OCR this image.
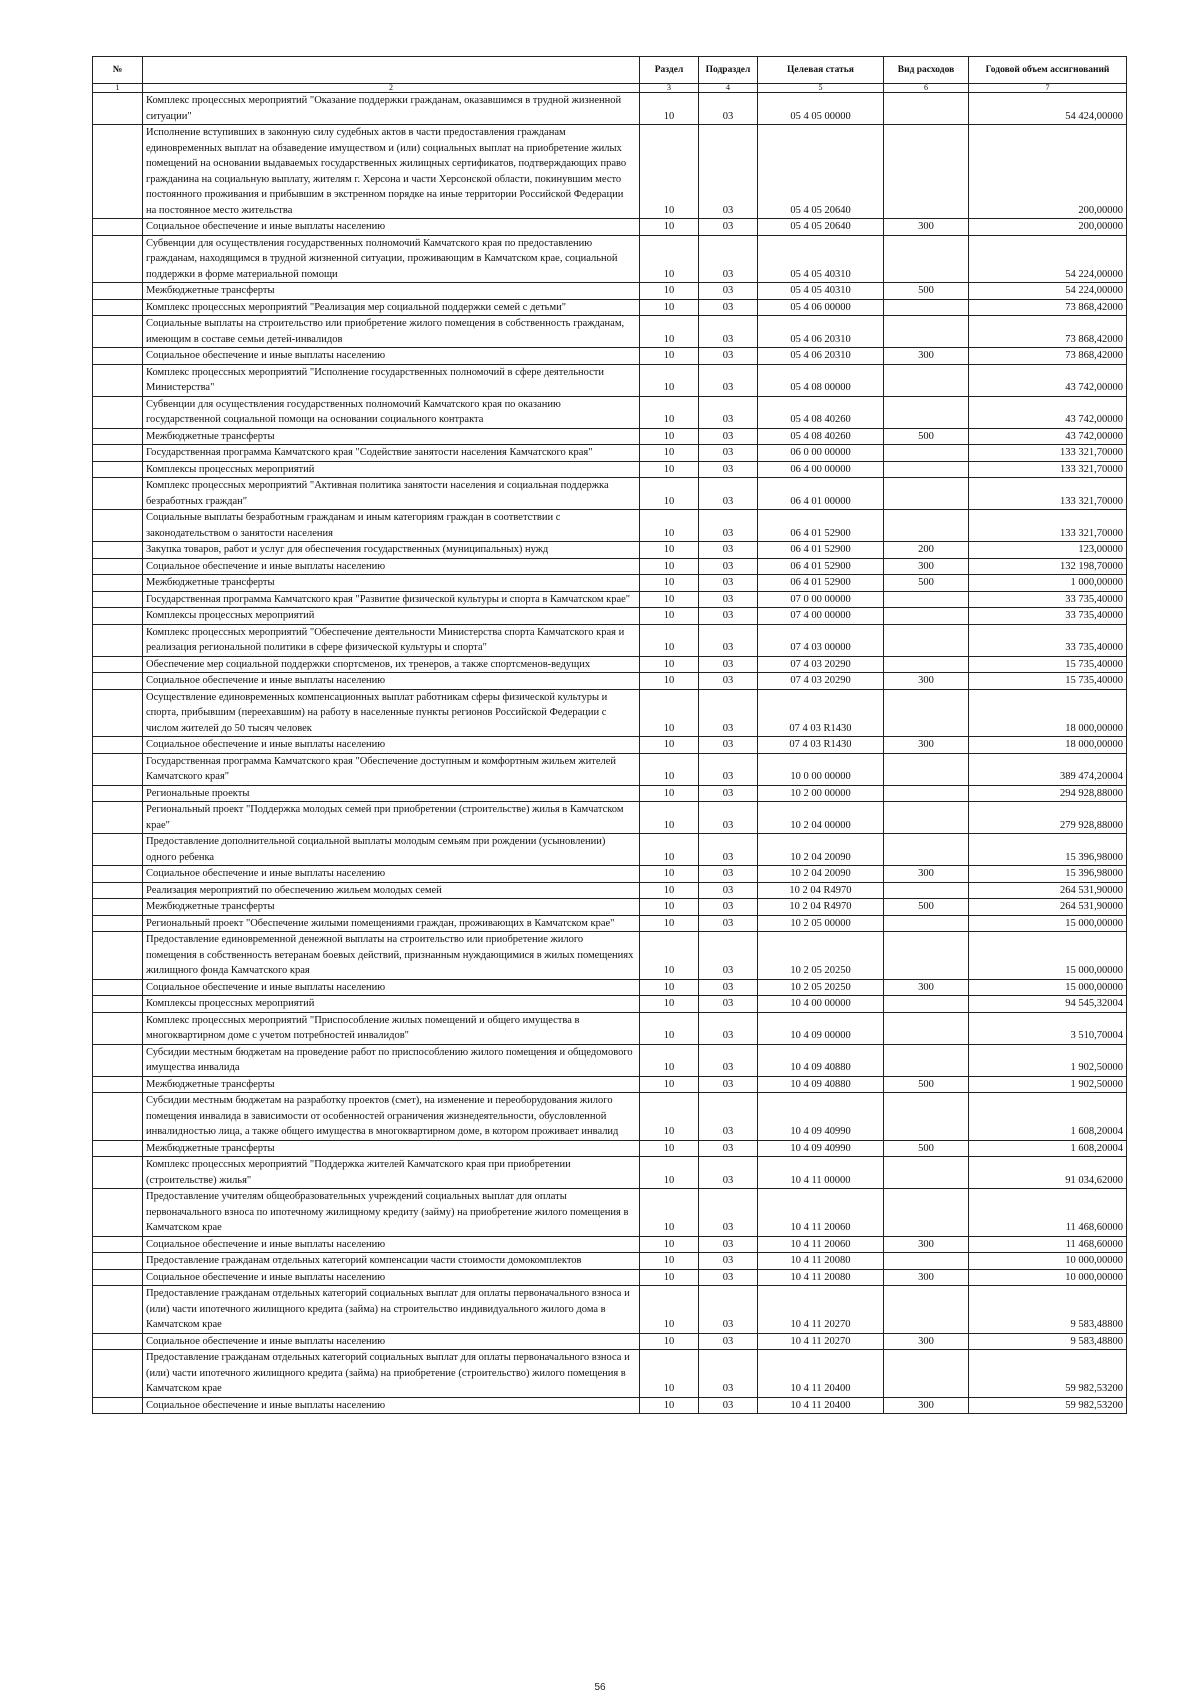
№		Раздел	Подраздел	Целевая статья	Вид расходов	Годовой объем ассигнований
1	2	3	4	5	6	7
	Комплекс процессных мероприятий "Оказание поддержки гражданам, оказавшимся в трудной жизненной ситуации"	10	03	05 4 05 00000		54 424,00000
	Исполнение вступивших в законную силу судебных актов в части предоставления гражданам единовременных выплат на обзаведение имуществом и (или) социальных выплат на приобретение жилых помещений на основании выдаваемых государственных жилищных сертификатов, подтверждающих право гражданина на социальную выплату, жителям г. Херсона и части Херсонской области, покинувшим место постоянного проживания и прибывшим в экстренном порядке на иные территории Российской Федерации на постоянное место жительства	10	03	05 4 05 20640		200,00000
	Социальное обеспечение и иные выплаты населению	10	03	05 4 05 20640	300	200,00000
	Субвенции для осуществления государственных полномочий Камчатского края по предоставлению гражданам, находящимся в трудной жизненной ситуации, проживающим в Камчатском крае, социальной поддержки в форме материальной помощи	10	03	05 4 05 40310		54 224,00000
	Межбюджетные трансферты	10	03	05 4 05 40310	500	54 224,00000
	Комплекс процессных мероприятий "Реализация мер социальной поддержки семей с детьми"	10	03	05 4 06 00000		73 868,42000
	Социальные выплаты на строительство или приобретение жилого помещения в собственность гражданам, имеющим в составе семьи детей-инвалидов	10	03	05 4 06 20310		73 868,42000
	Социальное обеспечение и иные выплаты населению	10	03	05 4 06 20310	300	73 868,42000
	Комплекс процессных мероприятий "Исполнение государственных полномочий в сфере деятельности Министерства"	10	03	05 4 08 00000		43 742,00000
	Субвенции для осуществления государственных полномочий Камчатского края по оказанию государственной социальной помощи на основании социального контракта	10	03	05 4 08 40260		43 742,00000
	Межбюджетные трансферты	10	03	05 4 08 40260	500	43 742,00000
	Государственная программа Камчатского края "Содействие занятости населения Камчатского края"	10	03	06 0 00 00000		133 321,70000
	Комплексы процессных мероприятий	10	03	06 4 00 00000		133 321,70000
	Комплекс процессных мероприятий "Активная политика занятости населения и социальная поддержка безработных граждан"	10	03	06 4 01 00000		133 321,70000
	Социальные выплаты безработным гражданам и иным категориям граждан в соответствии с законодательством о занятости населения	10	03	06 4 01 52900		133 321,70000
	Закупка товаров, работ и услуг для обеспечения государственных (муниципальных) нужд	10	03	06 4 01 52900	200	123,00000
	Социальное обеспечение и иные выплаты населению	10	03	06 4 01 52900	300	132 198,70000
	Межбюджетные трансферты	10	03	06 4 01 52900	500	1 000,00000
	Государственная программа Камчатского края "Развитие физической культуры и спорта в Камчатском крае"	10	03	07 0 00 00000		33 735,40000
	Комплексы процессных мероприятий	10	03	07 4 00 00000		33 735,40000
	Комплекс процессных мероприятий "Обеспечение деятельности Министерства спорта Камчатского края и реализация региональной политики в сфере физической культуры и спорта"	10	03	07 4 03 00000		33 735,40000
	Обеспечение мер социальной поддержки спортсменов, их тренеров, а также спортсменов-ведущих	10	03	07 4 03 20290		15 735,40000
	Социальное обеспечение и иные выплаты населению	10	03	07 4 03 20290	300	15 735,40000
	Осуществление единовременных компенсационных выплат работникам сферы физической культуры и спорта, прибывшим (переехавшим) на работу в населенные пункты регионов Российской Федерации с числом жителей до 50 тысяч человек	10	03	07 4 03 R1430		18 000,00000
	Социальное обеспечение и иные выплаты населению	10	03	07 4 03 R1430	300	18 000,00000
	Государственная программа Камчатского края "Обеспечение доступным и комфортным жильем жителей Камчатского края"	10	03	10 0 00 00000		389 474,20004
	Региональные проекты	10	03	10 2 00 00000		294 928,88000
	Региональный проект "Поддержка молодых семей при приобретении (строительстве) жилья в Камчатском крае"	10	03	10 2 04 00000		279 928,88000
	Предоставление дополнительной социальной выплаты молодым семьям при рождении (усыновлении) одного ребенка	10	03	10 2 04 20090		15 396,98000
	Социальное обеспечение и иные выплаты населению	10	03	10 2 04 20090	300	15 396,98000
	Реализация мероприятий по обеспечению жильем молодых семей	10	03	10 2 04 R4970		264 531,90000
	Межбюджетные трансферты	10	03	10 2 04 R4970	500	264 531,90000
	Региональный проект "Обеспечение жилыми помещениями граждан, проживающих в Камчатском крае"	10	03	10 2 05 00000		15 000,00000
	Предоставление единовременной денежной выплаты на строительство или приобретение жилого помещения в собственность ветеранам боевых действий, признанным нуждающимися в жилых помещениях жилищного фонда Камчатского края	10	03	10 2 05 20250		15 000,00000
	Социальное обеспечение и иные выплаты населению	10	03	10 2 05 20250	300	15 000,00000
	Комплексы процессных мероприятий	10	03	10 4 00 00000		94 545,32004
	Комплекс процессных мероприятий "Приспособление жилых помещений и общего имущества в многоквартирном доме с учетом потребностей инвалидов"	10	03	10 4 09 00000		3 510,70004
	Субсидии местным бюджетам на проведение работ по приспособлению жилого помещения и общедомового имущества инвалида	10	03	10 4 09 40880		1 902,50000
	Межбюджетные трансферты	10	03	10 4 09 40880	500	1 902,50000
	Субсидии местным бюджетам на разработку проектов (смет), на изменение и переоборудования жилого помещения инвалида в зависимости от особенностей ограничения жизнедеятельности, обусловленной инвалидностью лица, а также общего имущества в многоквартирном доме, в котором проживает инвалид	10	03	10 4 09 40990		1 608,20004
	Межбюджетные трансферты	10	03	10 4 09 40990	500	1 608,20004
	Комплекс процессных мероприятий "Поддержка жителей Камчатского края при приобретении (строительстве) жилья"	10	03	10 4 11 00000		91 034,62000
	Предоставление учителям общеобразовательных учреждений социальных выплат для оплаты первоначального взноса по ипотечному жилищному кредиту (займу) на приобретение жилого помещения в Камчатском крае	10	03	10 4 11 20060		11 468,60000
	Социальное обеспечение и иные выплаты населению	10	03	10 4 11 20060	300	11 468,60000
	Предоставление гражданам отдельных категорий компенсации части стоимости домокомплектов	10	03	10 4 11 20080		10 000,00000
	Социальное обеспечение и иные выплаты населению	10	03	10 4 11 20080	300	10 000,00000
	Предоставление гражданам отдельных категорий социальных выплат для оплаты первоначального взноса и (или) части ипотечного жилищного кредита (займа) на строительство индивидуального жилого дома в Камчатском крае	10	03	10 4 11 20270		9 583,48800
	Социальное обеспечение и иные выплаты населению	10	03	10 4 11 20270	300	9 583,48800
	Предоставление гражданам отдельных категорий социальных выплат для оплаты первоначального взноса и (или) части ипотечного жилищного кредита (займа) на приобретение (строительство) жилого помещения в Камчатском крае	10	03	10 4 11 20400		59 982,53200
	Социальное обеспечение и иные выплаты населению	10	03	10 4 11 20400	300	59 982,53200
56
